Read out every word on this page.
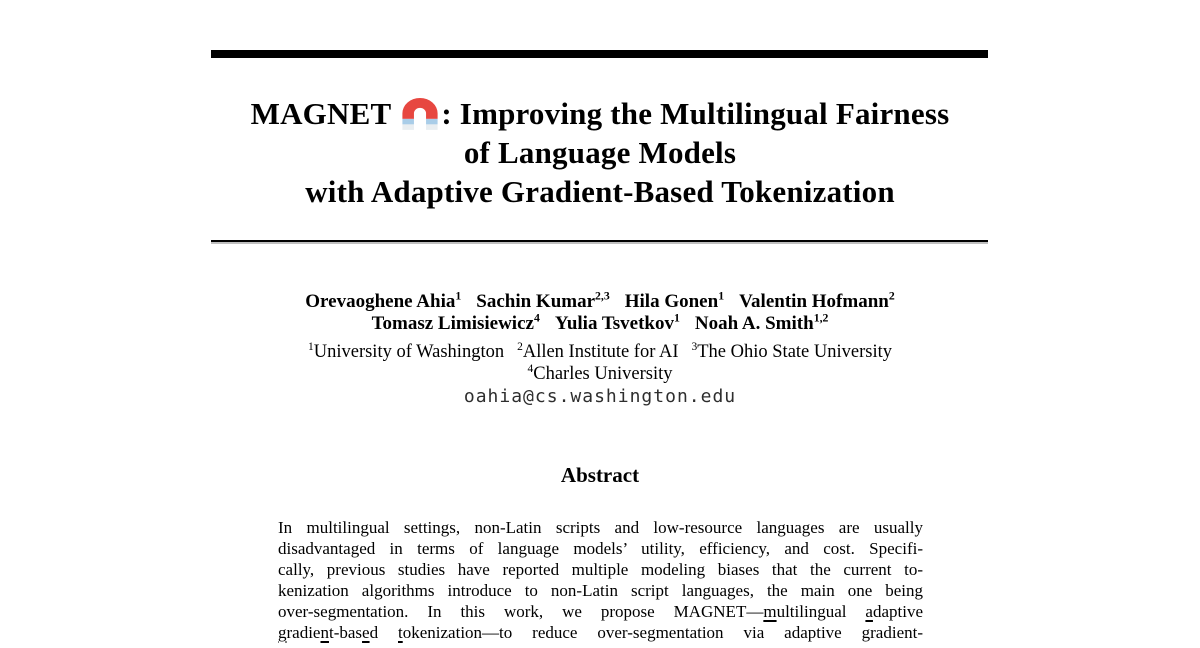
MAGNET : Improving the Multilingual Fairness
of Language Models
with Adaptive Gradient-Based Tokenization
Orevaoghene Ahia$^1$ Sachin Kumar$^{2,3}$ Hila Gonen$^1$ Valentin Hofmann$^2$
Tomasz Limisiewicz$^4$ Yulia Tsvetkov$^1$ Noah A. Smith$^{1,2}$
$^1$University of Washington $^2$Allen Institute for AI $^3$The Ohio State University
$^4$Charles University
oahia@cs.washington.edu
Abstract
In multilingual settings, non-Latin scripts and low-resource languages are usually
disadvantaged in terms of language models’ utility, efficiency, and cost. Specifi-
cally, previous studies have reported multiple modeling biases that the current to-
kenization algorithms introduce to non-Latin script languages, the main one being
over-segmentation. In this work, we propose MAGNET—multilingual adaptive
gradient-based tokenization—to reduce over-segmentation via adaptive gradient-
